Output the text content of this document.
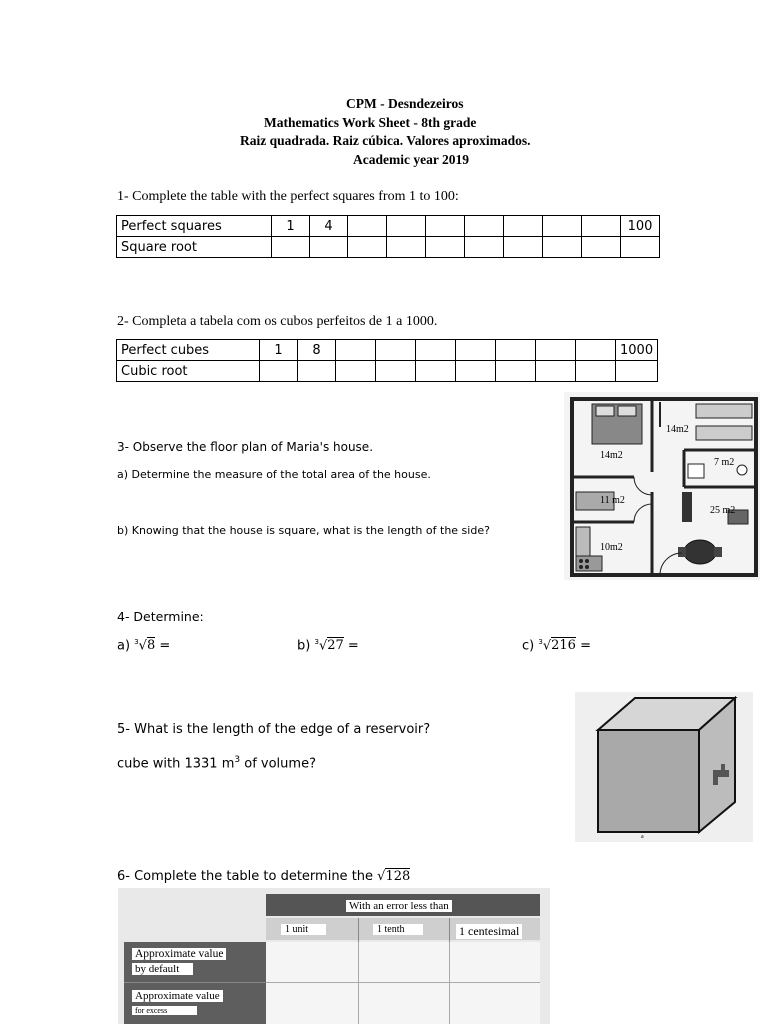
CPM - Desndezeiros
Mathematics Work Sheet - 8th grade
Raiz quadrada. Raiz cúbica. Valores aproximados.
Academic year 2019
1- Complete the table with the perfect squares from 1 to 100:
Perfect squares	1	4								100
Square root										
2- Completa a tabela com os cubos perfeitos de 1 a 1000.
Perfect cubes	1	8								1000
Cubic root										
3- Observe the floor plan of Maria's house.
a) Determine the measure of the total area of the house.
b) Knowing that the house is square, what is the length of the side?
14m2
14m2
7 m2
11 m2
25 m2
10m2
4- Determine:
a) $^3$√8 =	b) $^3$√27 =	c) $^3$√216 =
5- What is the length of the edge of a reservoir?
cube with 1331 $m^3$ of volume?
a
6- Complete the table to determine the √128
With an error less than
1 unit	1 tenth	1 centesimal
Approximate value
by default
Approximate value
for excess
